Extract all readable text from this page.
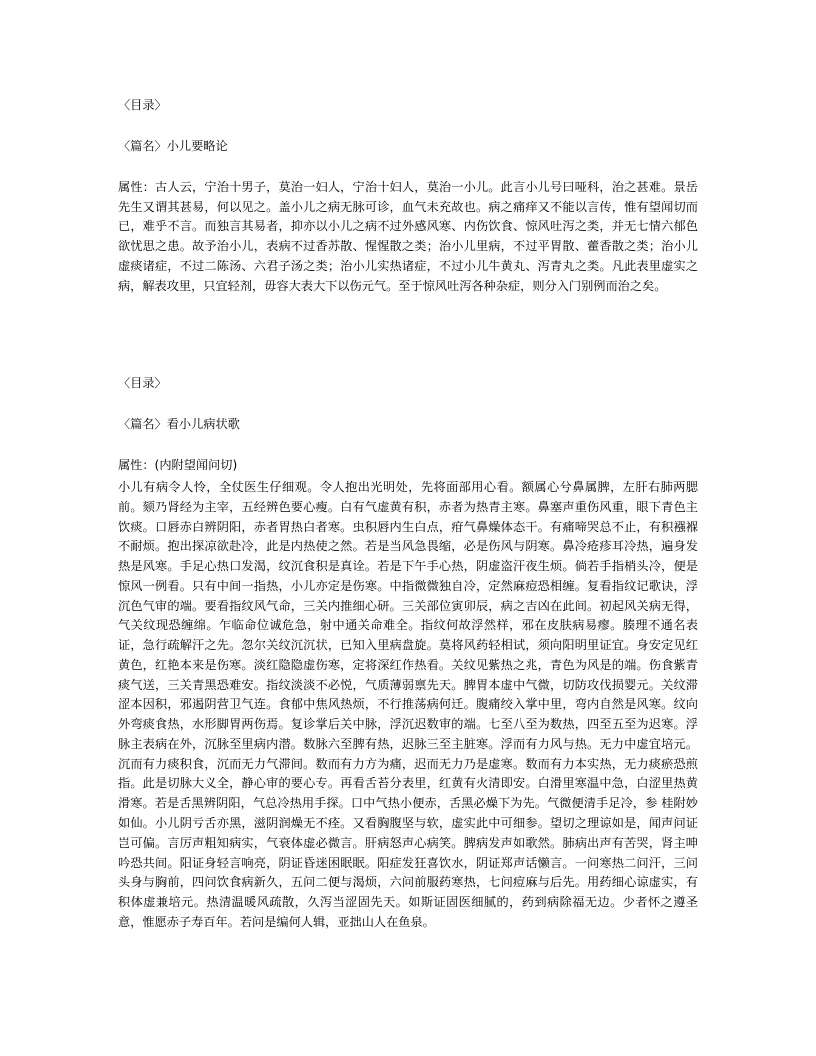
〈目录〉

〈篇名〉小儿要略论

属性：古人云，宁治十男子，莫治一妇人，宁治十妇人，莫治一小儿。此言小儿号曰哑科，治之甚难。景岳先生又谓其甚易，何以见之。盖小儿之病无脉可诊，血气未充故也。病之痛痒又不能以言传，惟有望闻切而已，难乎不言。而独言其易者，抑亦以小儿之病不过外感风寒、内伤饮食、惊风吐泻之类，并无七情六郁色欲忧思之患。故予治小儿，表病不过香苏散、惺惺散之类；治小儿里病，不过平胃散、藿香散之类；治小儿虚痰诸症，不过二陈汤、六君子汤之类；治小儿实热诸症，不过小儿牛黄丸、泻青丸之类。凡此表里虚实之病，解表攻里，只宜轻剂，毋容大表大下以伤元气。至于惊风吐泻各种杂症，则分入门别例而治之矣。

〈目录〉

〈篇名〉看小儿病状歌

属性：(内附望闻问切)

小儿有病令人怜，全仗医生仔细观。令人抱出光明处，先将面部用心看。额属心兮鼻属脾，左肝右肺两腮前。颏乃肾经为主宰，五经辨色要心瘦。白有气虚黄有积，赤者为热青主寒。鼻塞声重伤风重，眼下青色主饮痰。口唇赤白辨阴阳，赤者胃热白者寒。虫积唇内生白点，疳气鼻燥体态干。有痛啼哭总不止，有积襁褓不耐烦。抱出探凉欲赴冷，此是内热使之然。若是当风急畏缩，必是伤风与阴寒。鼻冷疮疹耳冷热，遍身发热是风寒。手足心热口发渴，纹沉食积是真诠。若是下午手心热，阴虚盗汗夜生烦。倘若手指梢头冷，便是惊风一例看。只有中间一指热，小儿亦定是伤寒。中指微微独自冷，定然麻痘恐相缠。复看指纹记歌诀，浮沉色气审的端。要看指纹风气命，三关内推细心研。三关部位寅卯辰，病之吉凶在此间。初起风关病无得，气关纹现恐缠绵。乍临命位诚危急，射中通关命难全。指纹何故浮然样，邪在皮肤病易瘳。腠理不通名表证，急行疏解汗之先。忽尔关纹沉沉状，已知入里病盘旋。莫将风药轻相试，须向阳明里证宜。身安定见红黄色，红艳本来是伤寒。淡红隐隐虚伤寒，定将深红作热看。关纹见紫热之兆，青色为风是的端。伤食紫青痰气送，三关青黑恐难安。指纹淡淡不必悦，气质薄弱禀先天。脾胃本虚中气微，切防攻伐损婴元。关纹滞涩本因积，邪遏阴营卫气连。食郁中焦风热烦，不行推荡病何迁。腹痛绞入掌中里，弯内自然是风寒。纹向外弯痰食热，水形脚胃两伤焉。复诊掌后关中脉，浮沉迟数审的端。七至八至为数热，四至五至为迟寒。浮脉主表病在外，沉脉至里病内潜。数脉六至脾有热，迟脉三至主脏寒。浮而有力风与热。无力中虚宜培元。沉而有力痰积食，沉而无力气滞间。数而有力方为痛，迟而无力乃是虚寒。数而有力本实热，无力痰瘀恐煎指。此是切脉大义全，静心审的要心专。再看舌苔分表里，红黄有火清即安。白滑里寒温中急，白涩里热黄滑寒。若是舌黑辨阴阳，气总冷热用手探。口中气热小便赤，舌黑必燥下为先。气微便清手足冷，参 桂附妙如仙。小儿阴亏舌亦黑，滋阴润燥无不痊。又看胸腹坚与软，虚实此中可细参。望切之理谅如是，闻声问证岂可偏。言厉声粗知病实，气衰体虚必微言。肝病怒声心病笑。脾病发声如歌然。肺病出声有苦哭，肾主呻吟恐共间。阳证身轻言响亮，阴证昏迷困眠眠。阳症发狂喜饮水，阴证郑声话懒言。一问寒热二问汗，三问头身与胸前，四问饮食病新久，五问二便与渴烦，六问前服药寒热，七问痘麻与后先。用药细心谅虚实，有积体虚兼培元。热清温暖风疏散，久泻当涩固先天。如斯证固医细腻的，药到病除福无边。少者怀之遵圣意，惟愿赤子寿百年。若问是编何人辑，亚拙山人在鱼泉。
